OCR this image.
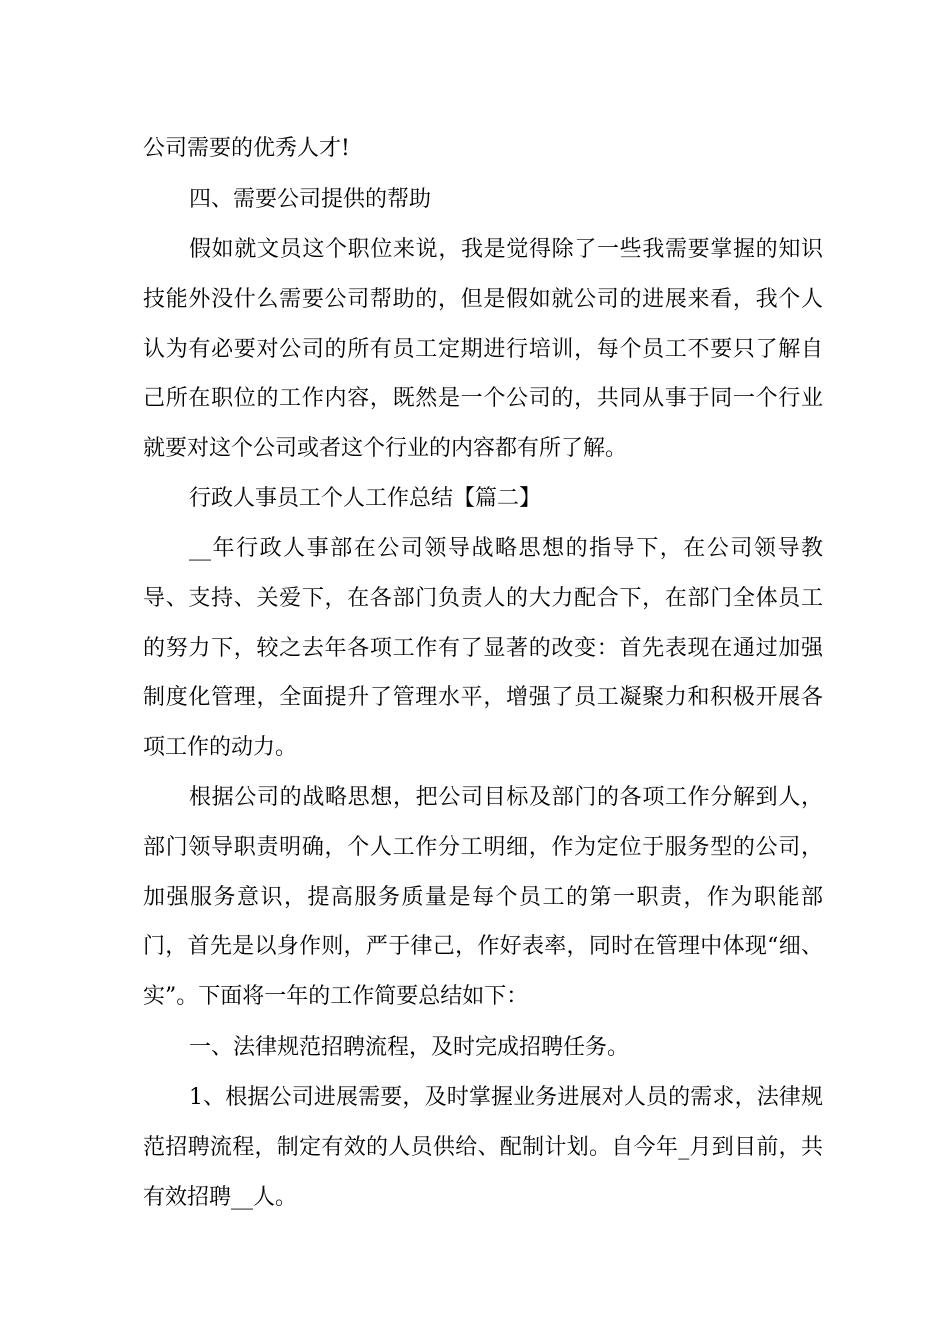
公司需要的优秀人才!

四、需要公司提供的帮助

假如就文员这个职位来说，我是觉得除了一些我需要掌握的知识技能外没什么需要公司帮助的，但是假如就公司的进展来看，我个人认为有必要对公司的所有员工定期进行培训，每个员工不要只了解自己所在职位的工作内容，既然是一个公司的，共同从事于同一个行业就要对这个公司或者这个行业的内容都有所了解。

行政人事员工个人工作总结【篇二】

__年行政人事部在公司领导战略思想的指导下，在公司领导教导、支持、关爱下，在各部门负责人的大力配合下，在部门全体员工的努力下，较之去年各项工作有了显著的改变：首先表现在通过加强制度化管理，全面提升了管理水平，增强了员工凝聚力和积极开展各项工作的动力。

根据公司的战略思想，把公司目标及部门的各项工作分解到人，部门领导职责明确，个人工作分工明细，作为定位于服务型的公司，加强服务意识，提高服务质量是每个员工的第一职责，作为职能部门，首先是以身作则，严于律己，作好表率，同时在管理中体现“细、实”。下面将一年的工作简要总结如下：

一、法律规范招聘流程，及时完成招聘任务。

1、根据公司进展需要，及时掌握业务进展对人员的需求，法律规范招聘流程，制定有效的人员供给、配制计划。自今年_月到目前，共有效招聘__人。
